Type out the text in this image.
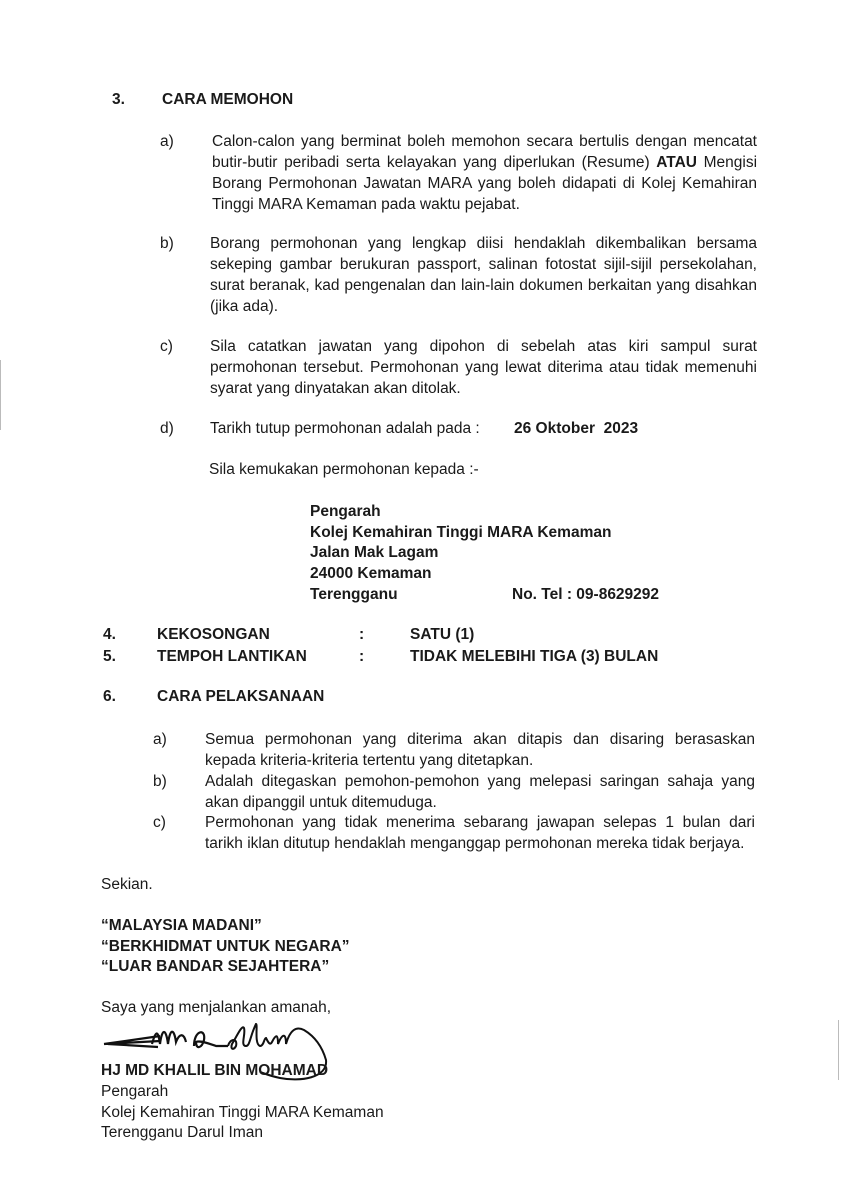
3. CARA MEMOHON
a) Calon-calon yang berminat boleh memohon secara bertulis dengan mencatat butir-butir peribadi serta kelayakan yang diperlukan (Resume) ATAU Mengisi Borang Permohonan Jawatan MARA yang boleh didapati di Kolej Kemahiran Tinggi MARA Kemaman pada waktu pejabat.
b) Borang permohonan yang lengkap diisi hendaklah dikembalikan bersama sekeping gambar berukuran passport, salinan fotostat sijil-sijil persekolahan, surat beranak, kad pengenalan dan lain-lain dokumen berkaitan yang disahkan (jika ada).
c) Sila catatkan jawatan yang dipohon di sebelah atas kiri sampul surat permohonan tersebut. Permohonan yang lewat diterima atau tidak memenuhi syarat yang dinyatakan akan ditolak.
d) Tarikh tutup permohonan adalah pada : 26 Oktober  2023
Sila kemukakan permohonan kepada :-
Pengarah
Kolej Kemahiran Tinggi MARA Kemaman
Jalan Mak Lagam
24000 Kemaman
Terengganu	No. Tel : 09-8629292
4.	KEKOSONGAN	:	SATU (1)
5.	TEMPOH LANTIKAN	:	TIDAK MELEBIHI TIGA (3) BULAN
6.	CARA PELAKSANAAN
a) Semua permohonan yang diterima akan ditapis dan disaring berasaskan kepada kriteria-kriteria tertentu yang ditetapkan.
b) Adalah ditegaskan pemohon-pemohon yang melepasi saringan sahaja yang akan dipanggil untuk ditemuduga.
c)	Permohonan yang tidak menerima sebarang jawapan selepas 1 bulan dari tarikh iklan ditutup hendaklah menganggap permohonan mereka tidak berjaya.
Sekian.
“MALAYSIA MADANI”
“BERKHIDMAT UNTUK NEGARA”
“LUAR BANDAR SEJAHTERA”
Saya yang menjalankan amanah,
HJ MD KHALIL BIN MOHAMAD
Pengarah
Kolej Kemahiran Tinggi MARA Kemaman
Terengganu Darul Iman
